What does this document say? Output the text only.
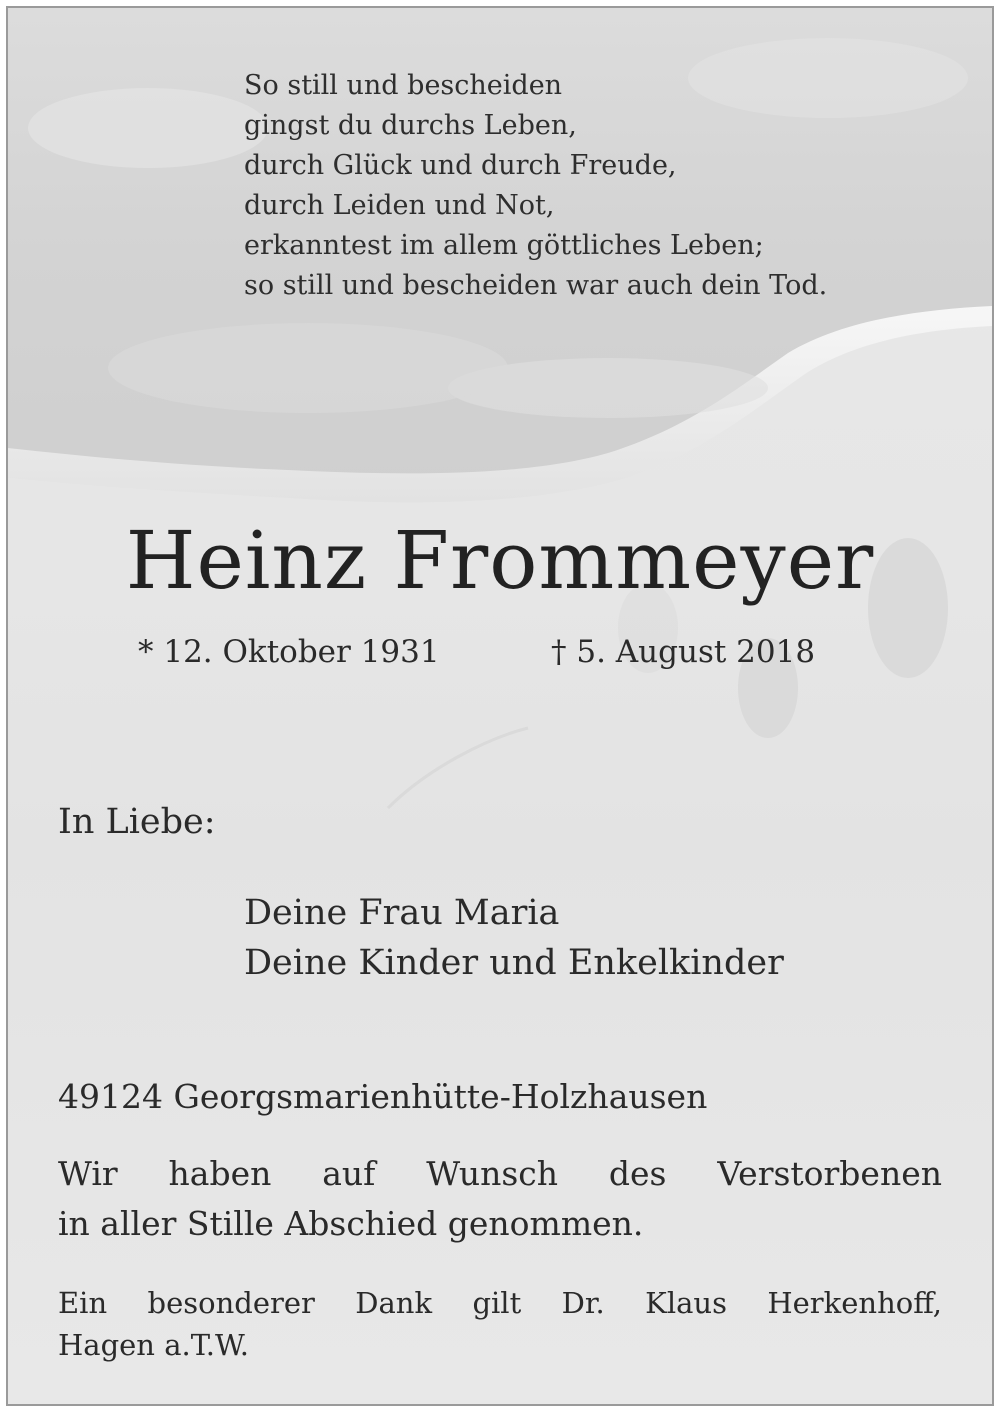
So still und bescheiden
gingst du durchs Leben,
durch Glück und durch Freude,
durch Leiden und Not,
erkanntest im allem göttliches Leben;
so still und bescheiden war auch dein Tod.
Heinz Frommeyer
* 12. Oktober 1931	† 5. August 2018
In Liebe:
Deine Frau Maria
Deine Kinder und Enkelkinder
49124 Georgsmarienhütte-Holzhausen
Wir haben auf Wunsch des Verstorbenen
in aller Stille Abschied genommen.
Ein besonderer Dank gilt Dr. Klaus Herkenhoff,
Hagen a.T.W.
